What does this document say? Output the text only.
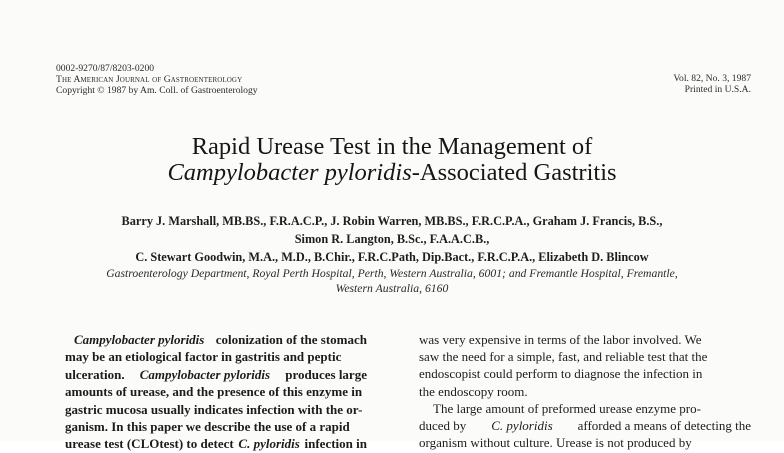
0002-9270/87/8203-0200
The American Journal of Gastroenterology
Copyright © 1987 by Am. Coll. of Gastroenterology
Vol. 82, No. 3, 1987
Printed in U.S.A.
Rapid Urease Test in the Management of
Campylobacter pyloridis-Associated Gastritis
Barry J. Marshall, MB.BS., F.R.A.C.P., J. Robin Warren, MB.BS., F.R.C.P.A., Graham J. Francis, B.S.,
Simon R. Langton, B.Sc., F.A.A.C.B.,
C. Stewart Goodwin, M.A., M.D., B.Chir., F.R.C.Path, Dip.Bact., F.R.C.P.A., Elizabeth D. Blincow
Gastroenterology Department, Royal Perth Hospital, Perth, Western Australia, 6001; and Fremantle Hospital, Fremantle,
Western Australia, 6160
Campylobacter pyloridis colonization of the stomach
may be an etiological factor in gastritis and peptic
ulceration. Campylobacter pyloridis produces large
amounts of urease, and the presence of this enzyme in
gastric mucosa usually indicates infection with the or-
ganism. In this paper we describe the use of a rapid
urease test (CLOtest) to detect C. pyloridis infection in
was very expensive in terms of the labor involved. We
saw the need for a simple, fast, and reliable test that the
endoscopist could perform to diagnose the infection in
the endoscopy room.
The large amount of preformed urease enzyme pro-
duced by C. pyloridis afforded a means of detecting the
organism without culture. Urease is not produced by
